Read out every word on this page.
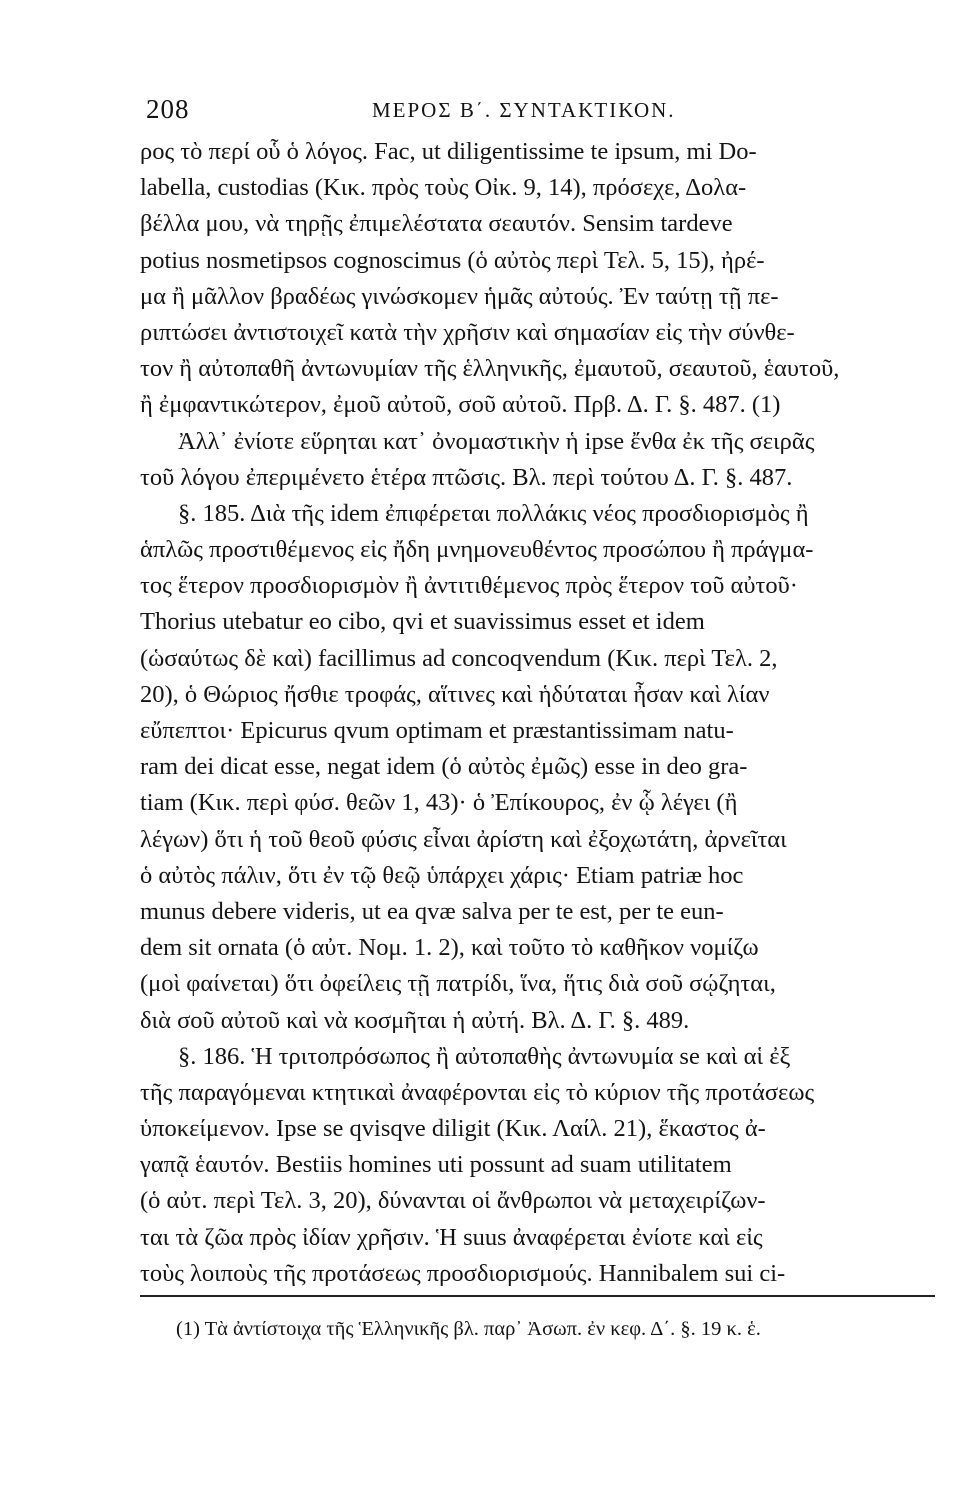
208	ΜΕΡΟΣ Β΄. ΣΥΝΤΑΚΤΙΚΟΝ.
ρος τὸ περί οὗ ὁ λόγος. Fac, ut diligentissime te ipsum, mi Do-
labella, custodias (Κικ. πρὸς τοὺς Οἰκ. 9, 14), πρόσεχε, Δολα-
βέλλα μου, νὰ τηρῇς ἐπιμελέστατα σεαυτόν. Sensim tardeve
potius nosmetipsos cognoscimus (ὁ αὐτὸς περὶ Τελ. 5, 15), ἠρέ-
μα ἢ μᾶλλον βραδέως γινώσκομεν ἡμᾶς αὐτούς. Ἐν ταύτῃ τῇ πε-
ριπτώσει ἀντιστοιχεῖ κατὰ τὴν χρῆσιν καὶ σημασίαν εἰς τὴν σύνθε-
τον ἢ αὐτοπαθῆ ἀντωνυμίαν τῆς ἑλληνικῆς, ἐμαυτοῦ, σεαυτοῦ, ἑαυτοῦ,
ἢ ἐμφαντικώτερον, ἐμοῦ αὐτοῦ, σοῦ αὐτοῦ. Πρβ. Δ. Γ. §. 487. (1)
Ἀλλ᾿ ἐνίοτε εὕρηται κατ᾿ ὀνομαστικὴν ἡ ipse ἔνθα ἐκ τῆς σειρᾶς
τοῦ λόγου ἐπεριμένετο ἑτέρα πτῶσις. Βλ. περὶ τούτου Δ. Γ. §. 487.
§. 185. Διὰ τῆς idem ἐπιφέρεται πολλάκις νέος προσδιορισμὸς ἢ
ἁπλῶς προστιθέμενος εἰς ἤδη μνημονευθέντος προσώπου ἢ πράγμα-
τος ἕτερον προσδιορισμὸν ἢ ἀντιτιθέμενος πρὸς ἕτερον τοῦ αὐτοῦ·
Thorius utebatur eo cibo, qvi et suavissimus esset et idem
(ὡσαύτως δὲ καὶ) facillimus ad concoqvendum (Κικ. περὶ Τελ. 2,
20), ὁ Θώριος ἤσθιε τροφάς, αἵτινες καὶ ἡδύταται ἦσαν καὶ λίαν
εὔπεπτοι· Epicurus qvum optimam et præstantissimam natu-
ram dei dicat esse, negat idem (ὁ αὐτὸς ἐμῶς) esse in deo gra-
tiam (Κικ. περὶ φύσ. θεῶν 1, 43)· ὁ Ἐπίκουρος, ἐν ᾧ λέγει (ἢ
λέγων) ὅτι ἡ τοῦ θεοῦ φύσις εἶναι ἀρίστη καὶ ἐξοχωτάτη, ἀρνεῖται
ὁ αὐτὸς πάλιν, ὅτι ἐν τῷ θεῷ ὑπάρχει χάρις· Etiam patriæ hoc
munus debere videris, ut ea qvæ salva per te est, per te eun-
dem sit ornata (ὁ αὐτ. Νομ. 1. 2), καὶ τοῦτο τὸ καθῆκον νομίζω
(μοὶ φαίνεται) ὅτι ὀφείλεις τῇ πατρίδι, ἵνα, ἥτις διὰ σοῦ σῴζηται,
διὰ σοῦ αὐτοῦ καὶ νὰ κοσμῆται ἡ αὐτή. Βλ. Δ. Γ. §. 489.
§. 186. Ἡ τριτοπρόσωπος ἢ αὐτοπαθὴς ἀντωνυμία se καὶ αἱ ἐξ
τῆς παραγόμεναι κτητικαὶ ἀναφέρονται εἰς τὸ κύριον τῆς προτάσεως
ὑποκείμενον. Ipse se qvisqve diligit (Κικ. Λαίλ. 21), ἕκαστος ἀ-
γαπᾷ ἑαυτόν. Bestiis homines uti possunt ad suam utilitatem
(ὁ αὐτ. περὶ Τελ. 3, 20), δύνανται οἱ ἄνθρωποι νὰ μεταχειρίζων-
ται τὰ ζῶα πρὸς ἰδίαν χρῆσιν. Ἡ suus ἀναφέρεται ἐνίοτε καὶ εἰς
τοὺς λοιποὺς τῆς προτάσεως προσδιορισμούς. Hannibalem sui ci-
(1) Τὰ ἀντίστοιχα τῆς Ἑλληνικῆς βλ. παρ᾿ Ἀσωπ. ἐν κεφ. Δ΄. §. 19 κ. ἑ.
